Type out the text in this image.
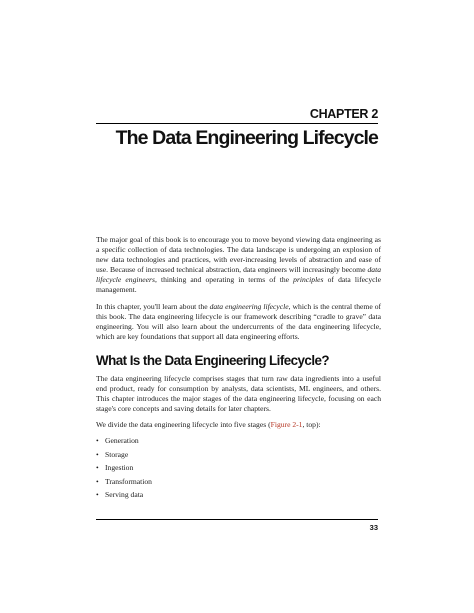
CHAPTER 2
The Data Engineering Lifecycle

The major goal of this book is to encourage you to move beyond viewing data engineering as a specific collection of data technologies. The data landscape is undergoing an explosion of new data technologies and practices, with ever-increasing levels of abstraction and ease of use. Because of increased technical abstraction, data engineers will increasingly become data lifecycle engineers, thinking and operating in terms of the principles of data lifecycle management.

In this chapter, you'll learn about the data engineering lifecycle, which is the central theme of this book. The data engineering lifecycle is our framework describing “cradle to grave” data engineering. You will also learn about the undercurrents of the data engineering lifecycle, which are key foundations that support all data engineering efforts.

What Is the Data Engineering Lifecycle?

The data engineering lifecycle comprises stages that turn raw data ingredients into a useful end product, ready for consumption by analysts, data scientists, ML engineers, and others. This chapter introduces the major stages of the data engineering lifecycle, focusing on each stage's core concepts and saving details for later chapters.

We divide the data engineering lifecycle into five stages (Figure 2-1, top):

• Generation
• Storage
• Ingestion
• Transformation
• Serving data
33
